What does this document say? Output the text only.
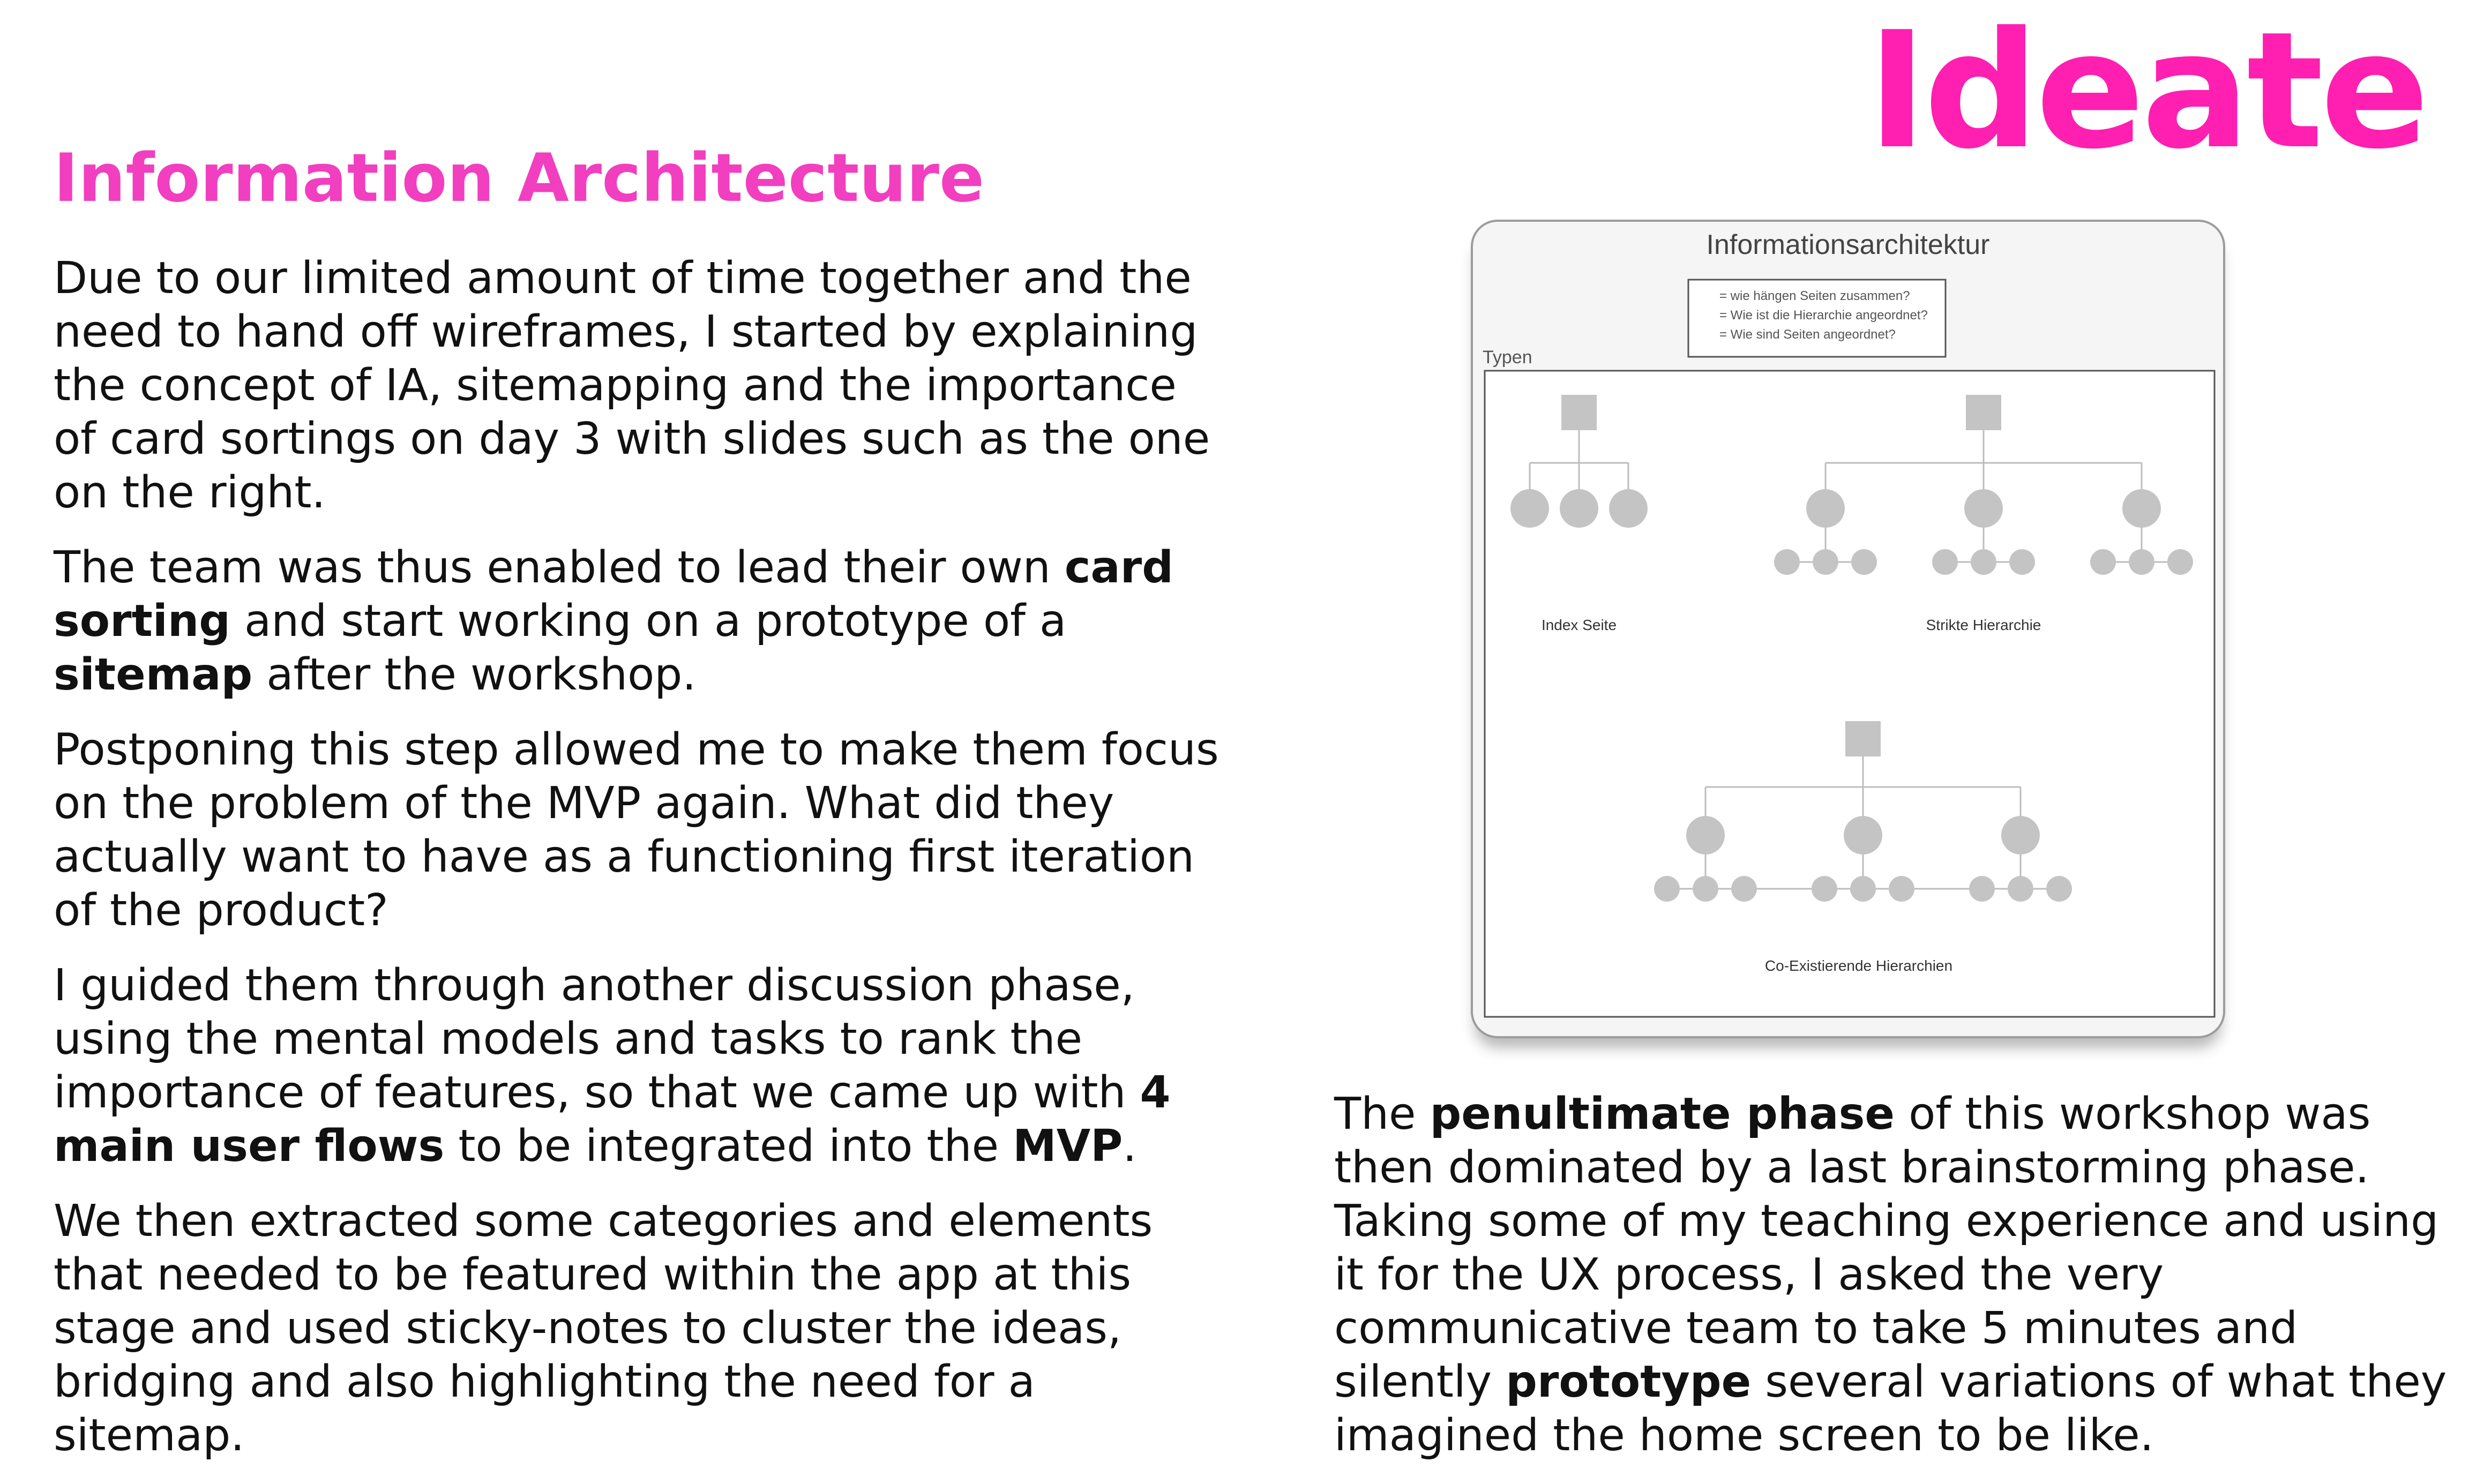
Ideate
Information Architecture

Due to our limited amount of time together and the need to hand off wireframes, I started by explaining the concept of IA, sitemapping and the importance of card sortings on day 3 with slides such as the one on the right.

The team was thus enabled to lead their own card sorting and start working on a prototype of a sitemap after the workshop.

Postponing this step allowed me to make them focus on the problem of the MVP again. What did they actually want to have as a functioning first iteration of the product?

I guided them through another discussion phase, using the mental models and tasks to rank the importance of features, so that we came up with 4 main user flows to be integrated into the MVP.

We then extracted some categories and elements that needed to be featured within the app at this stage and used sticky-notes to cluster the ideas, bridging and also highlighting the need for a sitemap.

The penultimate phase of this workshop was then dominated by a last brainstorming phase. Taking some of my teaching experience and using it for the UX process, I asked the very communicative team to take 5 minutes and silently prototype several variations of what they imagined the home screen to be like.

Informationsarchitektur
= wie hängen Seiten zusammen?
= Wie ist die Hierarchie angeordnet?
= Wie sind Seiten angeordnet?
Typen
Index Seite	Strikte Hierarchie
Co-Existierende Hierarchien
